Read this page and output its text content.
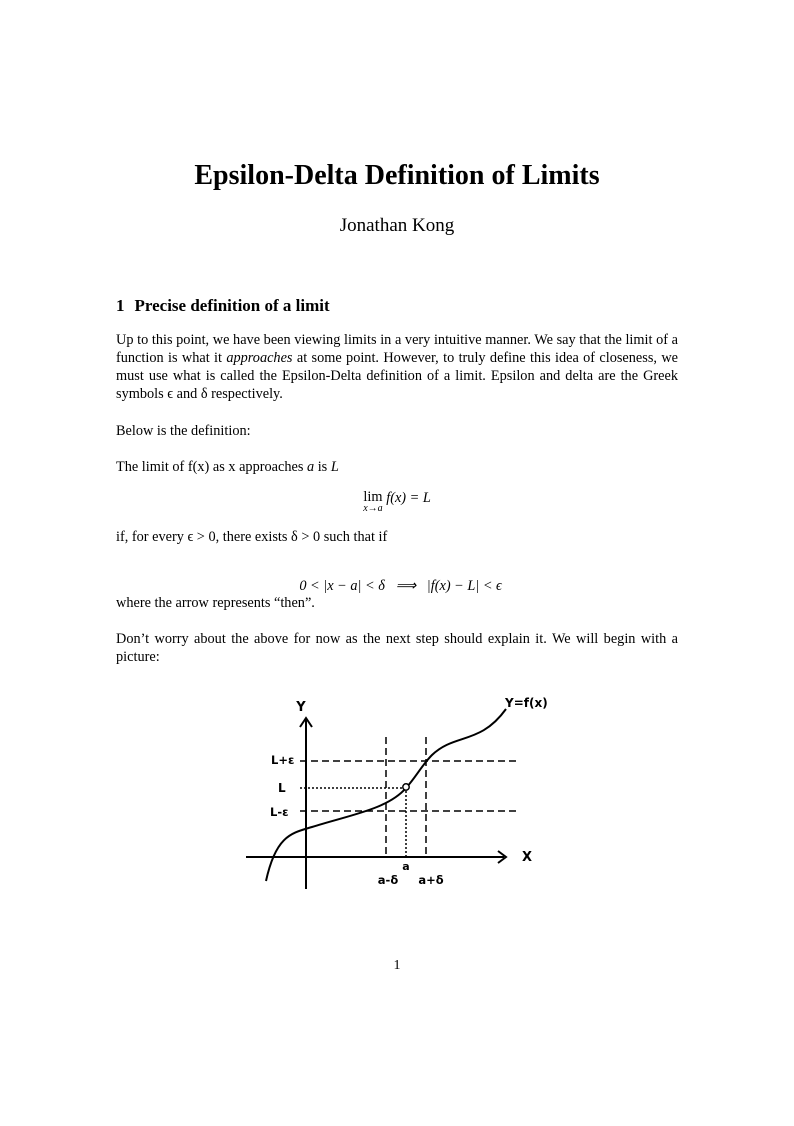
Epsilon-Delta Definition of Limits
Jonathan Kong
1 Precise definition of a limit

Up to this point, we have been viewing limits in a very intuitive manner. We say that the limit of a function is what it approaches at some point. However, to truly define this idea of closeness, we must use what is called the Epsilon-Delta definition of a limit. Epsilon and delta are the Greek symbols ϵ and δ respectively.

Below is the definition:

The limit of f(x) as x approaches a is L

lim
x→a
f(x) = L

if, for every ϵ > 0, there exists δ > 0 such that if

0 < |x − a| < δ   ⟹   |f(x) − L| < ϵ

where the arrow represents “then”.

Don’t worry about the above for now as the next step should explain it. We will begin with a picture:

Y
X
Y=f(x)
L+ε
L
L-ε
a
a-δ a+δ
1
